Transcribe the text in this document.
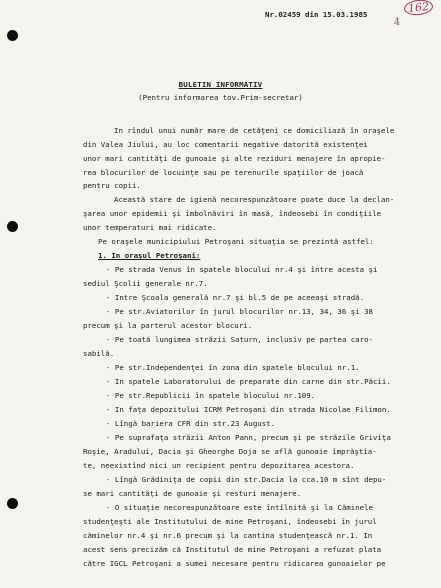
Nr.02459 din 15.03.1985	162
4
BULETIN INFORMATIV
(Pentru informarea tov.Prim-secretar)
In rîndul unui număr mare de cetăţeni ce domiciliază în oraşele
din Valea Jiului, au loc comentarii negative datorită existenţei
unor mari cantităţi de gunoaie şi alte reziduri menajere în apropie-
rea blocurilor de locuinţe sau pe terenurile spaţiilor de joacă
pentru copii.
Această stare de igienă necorespunzătoare poate duce la declan-
şarea unor epidemii şi îmbolnăviri în masă, îndeosebi în condiţiile
unor temperaturi mai ridicate.
Pe oraşele municipiului Petroşani situaţia se prezintă astfel:
1. In oraşul Petroşani:
- Pe strada Venus în spatele blocului nr.4 şi între acesta şi
sediul Şcolii generale nr.7.
- Intre Şcoala generală nr.7 şi bl.5 de pe aceeaşi stradă.
- Pe str.Aviatorilor în jurul blocurilor nr.13, 34, 36 şi 38
precum şi la parterul acestor blocuri.
- Pe toată lungimea străzii Saturn, inclusiv pe partea caro-
sabilă.
- Pe str.Independenţei în zona din spatele blocului nr.1.
- In spatele Laboratorului de preparate din carne din str.Păcii.
- Pe str.Republicii în spatele blocului nr.109.
- In faţa depozitului ICRM Petroşani din strada Nicolae Filimon.
- Lîngă bariera CFR din str.23 August.
- Pe suprafaţa străzii Anton Pann, precum şi pe străzile Griviţa
Roşie, Aradului, Dacia şi Gheorghe Doja se află gunoaie împrăştia-
te, neexistînd nici un recipient pentru depozitarea acestora.
- Lîngă Grădiniţa de copii din str.Dacia la cca.10 m sînt depu-
se mari cantităţi de gunoaie şi resturi menajere.
- O situaţie necorespunzătoare este întîlnită şi la Căminele
studenţeşti ale Institutului de mine Petroşani, îndeosebi în jurul
căminelor nr.4 şi nr.6 precum şi la cantina studenţească nr.1. In
acest sens precizăm că Institutul de mine Petroşani a refuzat plata
către IGCL Petroşani a sumei necesare pentru ridicarea gunoaielor pe
